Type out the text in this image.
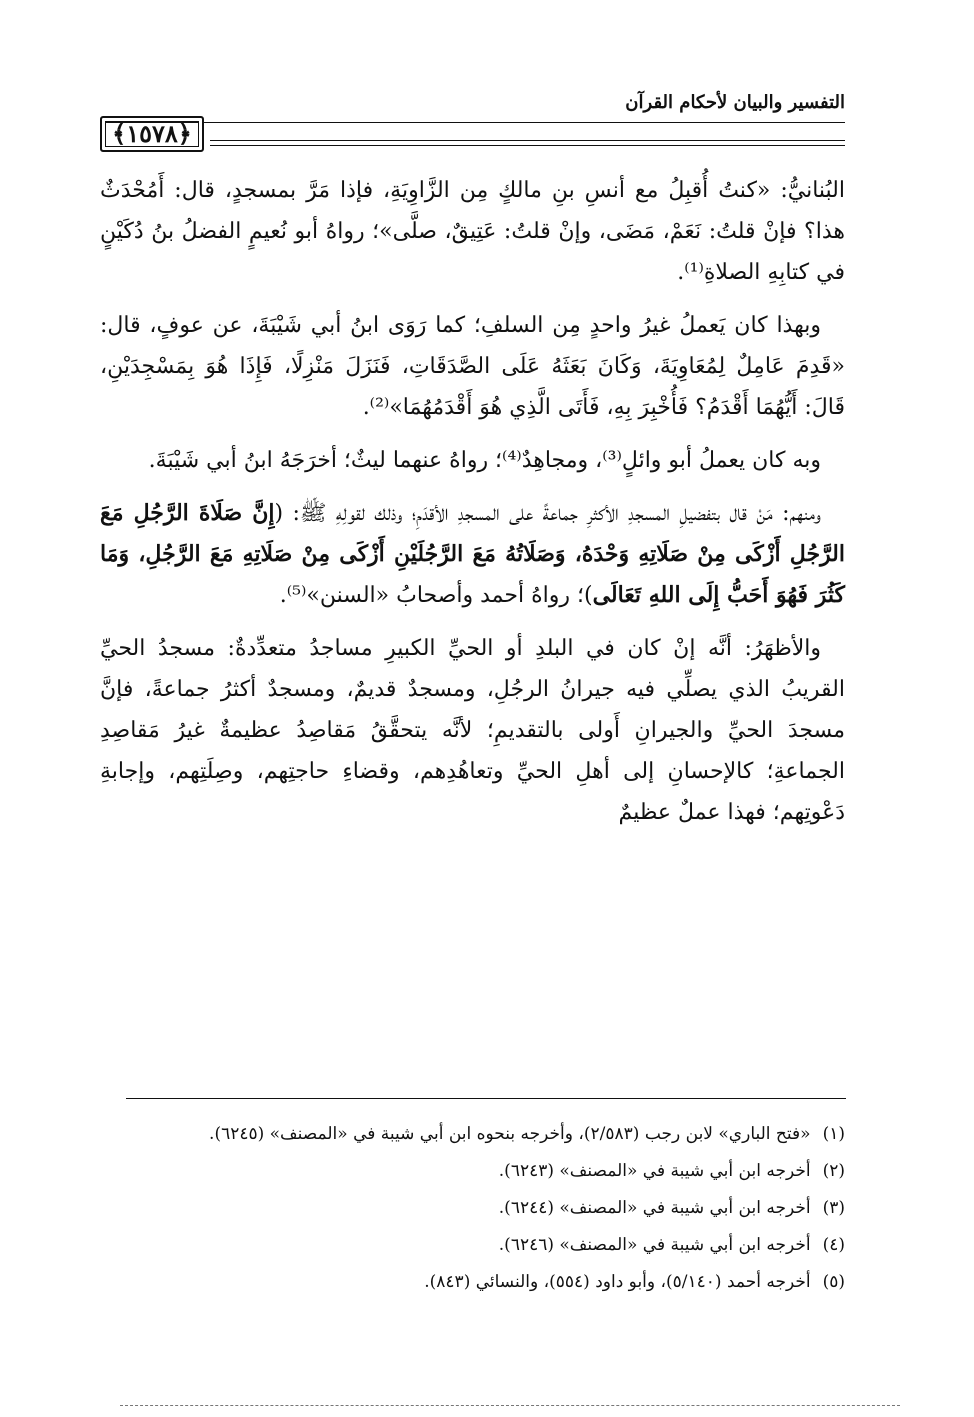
التفسير والبيان لأحكام القرآن
﴿١٥٧٨﴾

البُنانيُّ: «كنتُ أُقبِلُ مع أنسِ بنِ مالكٍ مِن الزَّاوِيَةِ، فإذا مَرَّ بمسجدٍ، قال: أَمُحْدَثٌ هذا؟ فإنْ قلتُ: نَعَمْ، مَضَى، وإنْ قلتُ: عَتِيقٌ، صلَّى»؛ رواهُ أبو نُعيمٍ الفضلُ بنُ دُكَيْنٍ في كتابِهِ الصلاةِ⁽¹⁾.

وبهذا كان يَعملُ غيرُ واحدٍ مِن السلفِ؛ كما رَوَى ابنُ أبي شَيْبَةَ، عن عوفٍ، قال: «قَدِمَ عَامِلٌ لِمُعَاوِيَةَ، وَكَانَ بَعَثَهُ عَلَى الصَّدَقَاتِ، فَنَزَلَ مَنْزِلًا، فَإِذَا هُوَ بِمَسْجِدَيْنِ، قَالَ: أَيُّهُمَا أَقْدَمُ؟ فَأُخْبِرَ بِهِ، فَأَتَى الَّذِي هُوَ أَقْدَمُهُمَا»⁽²⁾.

وبه كان يعملُ أبو وائلٍ⁽³⁾، ومجاهِدٌ⁽⁴⁾؛ رواهُ عنهما ليثٌ؛ أخرَجَهُ ابنُ أبي شَيْبَةَ.

ومنهم: مَنْ قال بتفضيلِ المسجدِ الأكثرِ جماعةً على المسجدِ الأقدَمِ؛ وذلك لقولِهِ ﷺ: (إِنَّ صَلَاةَ الرَّجُلِ مَعَ الرَّجُلِ أَزْكَى مِنْ صَلَاتِهِ وَحْدَهُ، وَصَلَاتُهُ مَعَ الرَّجُلَيْنِ أَزْكَى مِنْ صَلَاتِهِ مَعَ الرَّجُلِ، وَمَا كَثُرَ فَهُوَ أَحَبُّ إِلَى اللهِ تَعَالَى)؛ رواهُ أحمد وأصحابُ «السنن»⁽⁵⁾.

والأظهَرُ: أنَّه إنْ كان في البلدِ أو الحيِّ الكبيرِ مساجدُ متعدِّدةٌ: مسجدُ الحيِّ القريبُ الذي يصلِّي فيه جيرانُ الرجُلِ، ومسجدٌ قديمٌ، ومسجدٌ أكثرُ جماعةً، فإنَّ مسجدَ الحيِّ والجيرانِ أَولى بالتقديمِ؛ لأنَّه يتحقَّقُ مَقاصِدُ عظيمةٌ غيرُ مَقاصِدِ الجماعةِ؛ كالإحسانِ إلى أهلِ الحيِّ وتعاهُدِهم، وقضاءِ حاجتِهم، وصِلَتِهم، وإجابةِ دَعْوتِهم؛ فهذا عملٌ عظيمٌ

(١)
«فتح الباري» لابن رجب (٢/٥٨٣)، وأخرجه بنحوه ابن أبي شيبة في «المصنف» (٦٢٤٥).
(٢)
أخرجه ابن أبي شيبة في «المصنف» (٦٢٤٣).
(٣)
أخرجه ابن أبي شيبة في «المصنف» (٦٢٤٤).
(٤)
أخرجه ابن أبي شيبة في «المصنف» (٦٢٤٦).
(٥)
أخرجه أحمد (٥/١٤٠)، وأبو داود (٥٥٤)، والنسائي (٨٤٣).
